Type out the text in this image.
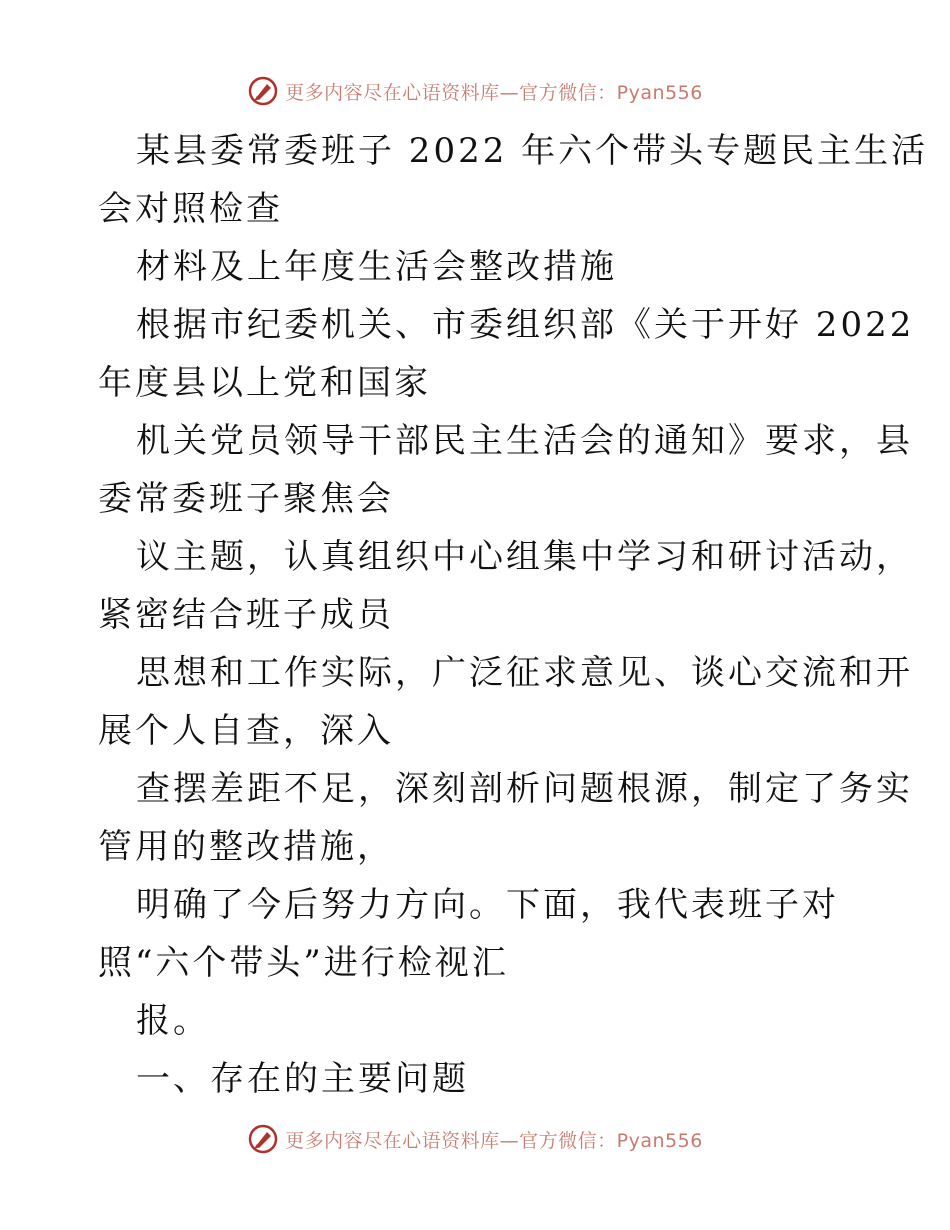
更多内容尽在心语资料库—官方微信：Pyan556
某县委常委班子 2022 年六个带头专题民主生活
会对照检查
材料及上年度生活会整改措施
根据市纪委机关、市委组织部《关于开好 2022
年度县以上党和国家
机关党员领导干部民主生活会的通知》要求，县
委常委班子聚焦会
议主题，认真组织中心组集中学习和研讨活动，
紧密结合班子成员
思想和工作实际，广泛征求意见、谈心交流和开
展个人自查，深入
查摆差距不足，深刻剖析问题根源，制定了务实
管用的整改措施，
明确了今后努力方向。下面，我代表班子对
照“六个带头”进行检视汇
报。
一、存在的主要问题
更多内容尽在心语资料库—官方微信：Pyan556
